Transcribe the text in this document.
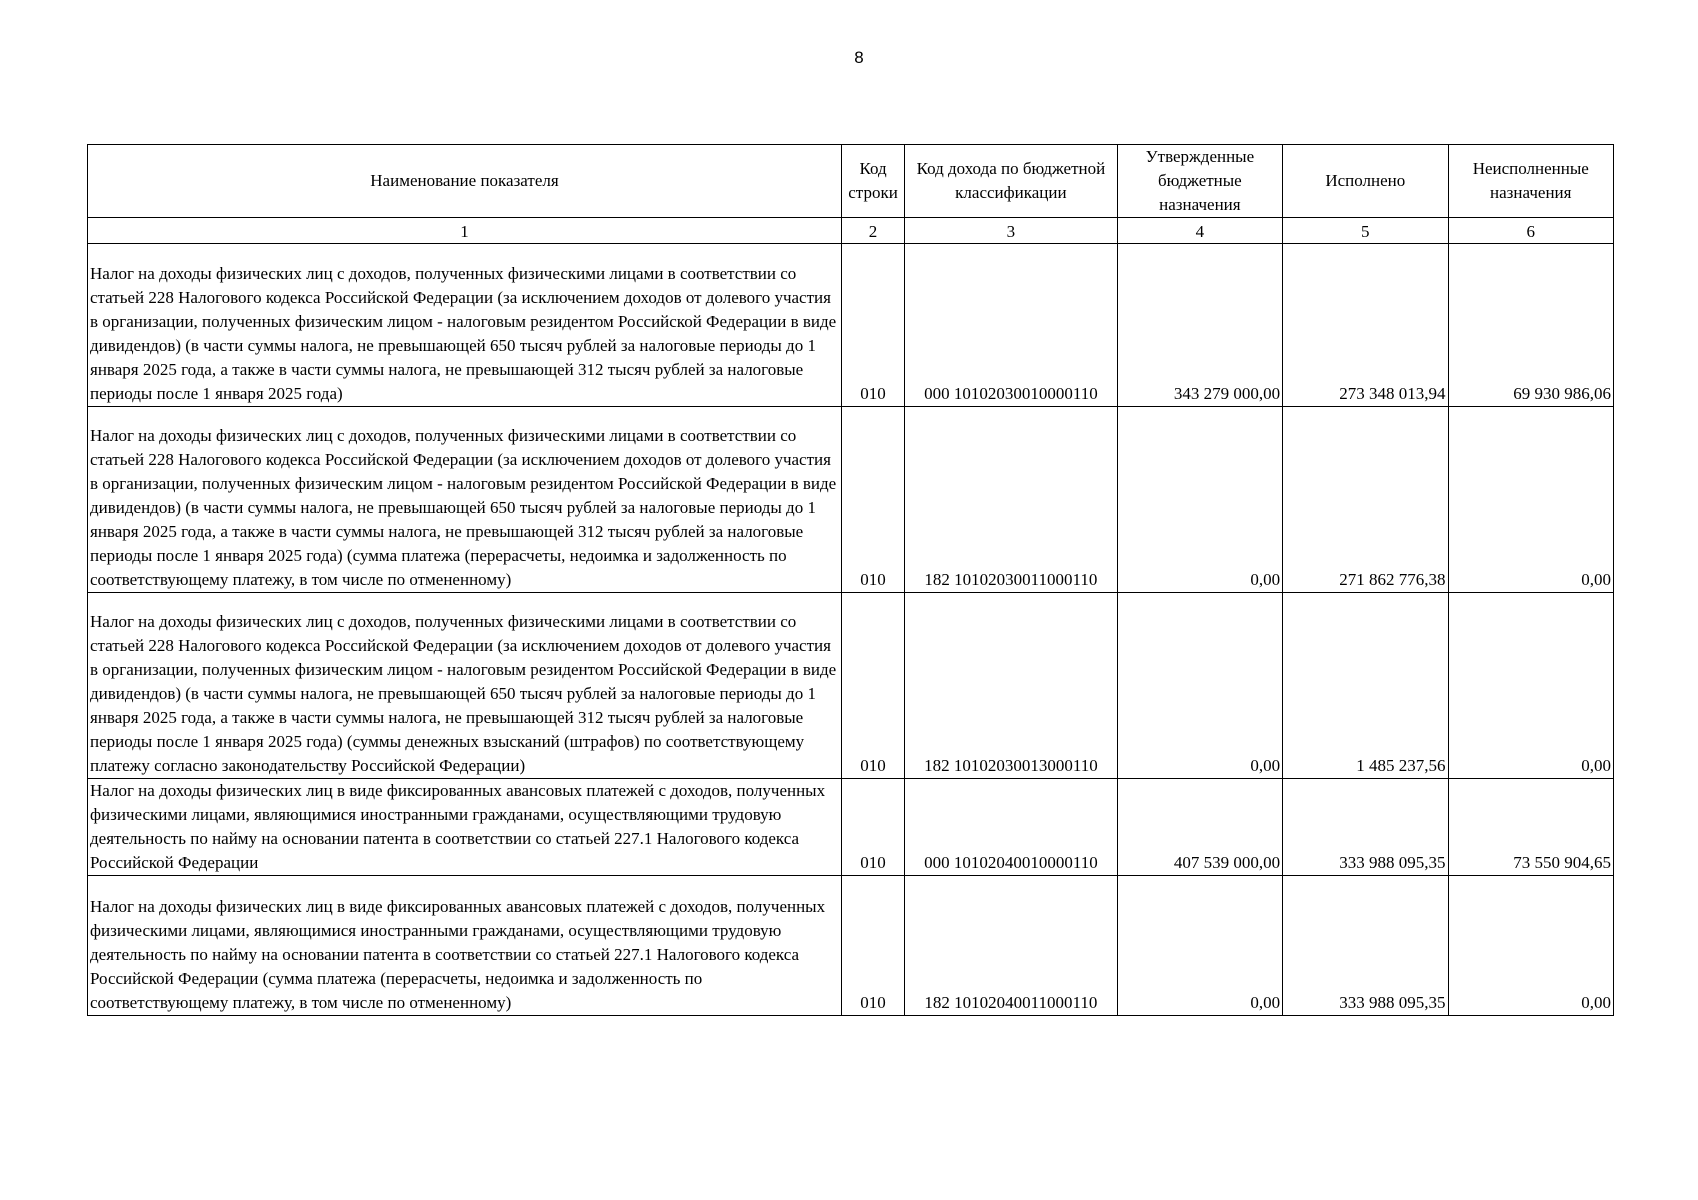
8
Наименование показателя	Код строки	Код дохода по бюджетной классификации	Утвержденные бюджетные назначения	Исполнено	Неисполненные назначения
1	2	3	4	5	6

Налог на доходы физических лиц с доходов, полученных физическими лицами в соответствии со статьей 228 Налогового кодекса Российской Федерации (за исключением доходов от долевого участия в организации, полученных физическим лицом - налоговым резидентом Российской Федерации в виде дивидендов) (в части суммы налога, не превышающей 650 тысяч рублей за налоговые периоды до 1 января 2025 года, а также в части суммы налога, не превышающей 312 тысяч рублей за налоговые периоды после 1 января 2025 года)	010	000 10102030010000110	343 279 000,00	273 348 013,94	69 930 986,06

Налог на доходы физических лиц с доходов, полученных физическими лицами в соответствии со статьей 228 Налогового кодекса Российской Федерации (за исключением доходов от долевого участия в организации, полученных физическим лицом - налоговым резидентом Российской Федерации в виде дивидендов) (в части суммы налога, не превышающей 650 тысяч рублей за налоговые периоды до 1 января 2025 года, а также в части суммы налога, не превышающей 312 тысяч рублей за налоговые периоды после 1 января 2025 года) (сумма платежа (перерасчеты, недоимка и задолженность по соответствующему платежу, в том числе по отмененному)	010	182 10102030011000110	0,00	271 862 776,38	0,00

Налог на доходы физических лиц с доходов, полученных физическими лицами в соответствии со статьей 228 Налогового кодекса Российской Федерации (за исключением доходов от долевого участия в организации, полученных физическим лицом - налоговым резидентом Российской Федерации в виде дивидендов) (в части суммы налога, не превышающей 650 тысяч рублей за налоговые периоды до 1 января 2025 года, а также в части суммы налога, не превышающей 312 тысяч рублей за налоговые периоды после 1 января 2025 года) (суммы денежных взысканий (штрафов) по соответствующему платежу согласно законодательству Российской Федерации)	010	182 10102030013000110	0,00	1 485 237,56	0,00

Налог на доходы физических лиц в виде фиксированных авансовых платежей с доходов, полученных физическими лицами, являющимися иностранными гражданами, осуществляющими трудовую деятельность по найму на основании патента в соответствии со статьей 227.1 Налогового кодекса Российской Федерации	010	000 10102040010000110	407 539 000,00	333 988 095,35	73 550 904,65

Налог на доходы физических лиц в виде фиксированных авансовых платежей с доходов, полученных физическими лицами, являющимися иностранными гражданами, осуществляющими трудовую деятельность по найму на основании патента в соответствии со статьей 227.1 Налогового кодекса Российской Федерации (сумма платежа (перерасчеты, недоимка и задолженность по соответствующему платежу, в том числе по отмененному)	010	182 10102040011000110	0,00	333 988 095,35	0,00
